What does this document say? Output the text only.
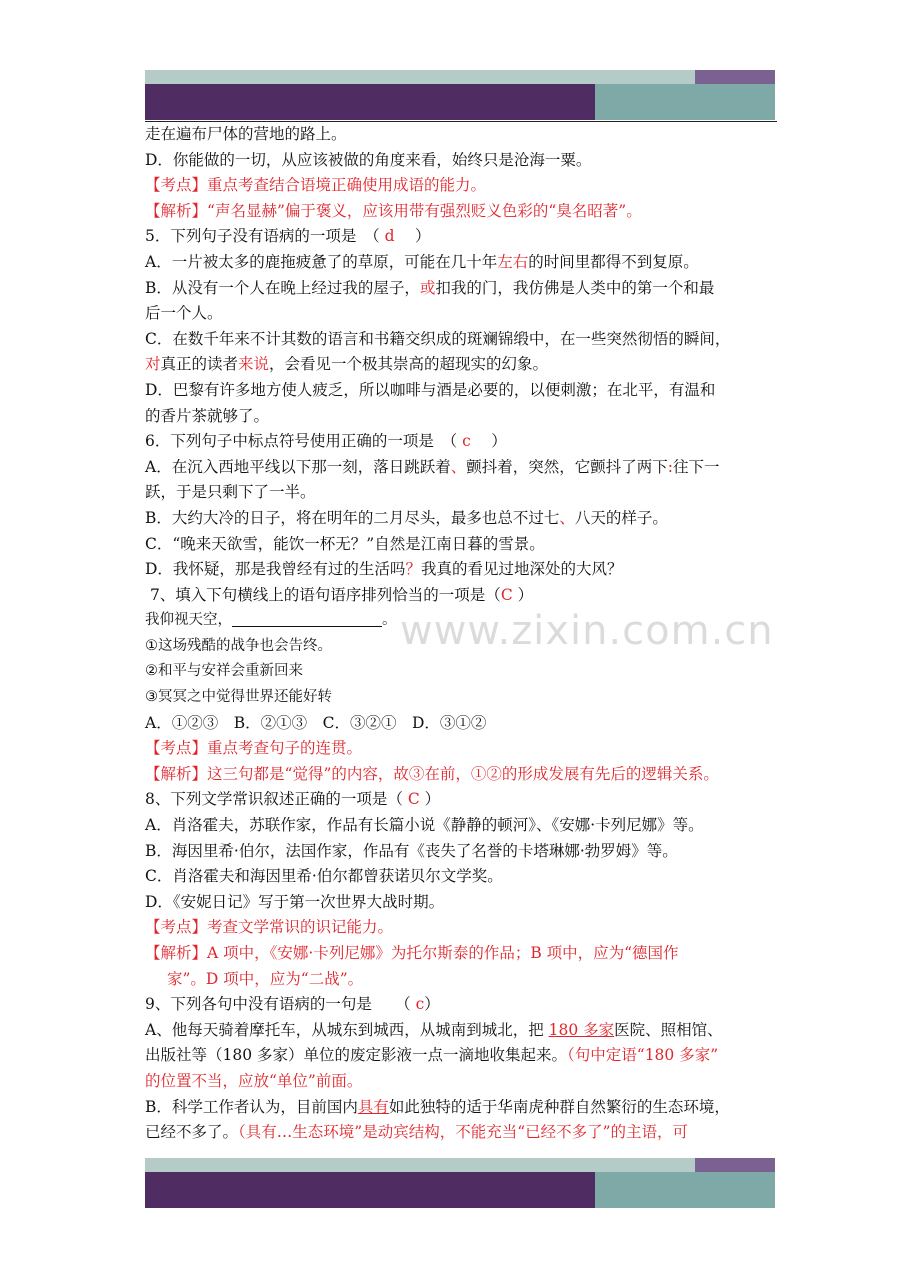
走在遍布尸体的营地的路上。
D．你能做的一切，从应该被做的角度来看，始终只是沧海一粟。
【考点】重点考查结合语境正确使用成语的能力。
【解析】“声名显赫”偏于褒义，应该用带有强烈贬义色彩的“臭名昭著”。
5．下列句子没有语病的一项是　（ d　 ）
A．一片被太多的鹿拖疲惫了的草原，可能在几十年左右的时间里都得不到复原。
B．从没有一个人在晚上经过我的屋子，或扣我的门，我仿佛是人类中的第一个和最
后一个人。
C．在数千年来不计其数的语言和书籍交织成的斑斓锦缎中，在一些突然彻悟的瞬间，
对真正的读者来说，会看见一个极其崇高的超现实的幻象。
D．巴黎有许多地方使人疲乏，所以咖啡与酒是必要的，以便刺激；在北平，有温和
的香片茶就够了。
6．下列句子中标点符号使用正确的一项是　（ c　 ）
A．在沉入西地平线以下那一刻，落日跳跃着、颤抖着，突然，它颤抖了两下:往下一
跃，于是只剩下了一半。
B．大约大冷的日子，将在明年的二月尽头，最多也总不过七、八天的样子。
C．“晚来天欲雪，能饮一杯无？”自然是江南日暮的雪景。
D．我怀疑，那是我曾经有过的生活吗？我真的看见过地深处的大风？
7、填入下句横线上的语句语序排列恰当的一项是（C ）
我仰视天空，	。
①这场残酷的战争也会告终。
②和平与安祥会重新回来
③冥冥之中觉得世界还能好转
A．①②③　B．②①③　C．③②①　D．③①②
【考点】重点考查句子的连贯。
【解析】这三句都是“觉得”的内容，故③在前，①②的形成发展有先后的逻辑关系。
8、下列文学常识叙述正确的一项是（ C ）
A．肖洛霍夫，苏联作家，作品有长篇小说《静静的顿河》、《安娜·卡列尼娜》等。
B．海因里希·伯尔，法国作家，作品有《丧失了名誉的卡塔琳娜·勃罗姆》等。
C．肖洛霍夫和海因里希·伯尔都曾获诺贝尔文学奖。
D．《安妮日记》写于第一次世界大战时期。
【考点】考查文学常识的识记能力。
【解析】A 项中，《安娜·卡列尼娜》为托尔斯泰的作品；B 项中，应为“德国作
家”。D 项中，应为“二战”。
9、下列各句中没有语病的一句是　　（ c）
A、他每天骑着摩托车，从城东到城西，从城南到城北，把 180 多家医院、照相馆、
出版社等（180 多家）单位的废定影液一点一滴地收集起来。（句中定语“180 多家”
的位置不当，应放“单位”前面。
B．科学工作者认为，目前国内具有如此独特的适于华南虎种群自然繁衍的生态环境，
已经不多了。（具有…生态环境”是动宾结构，不能充当“已经不多了”的主语，可
www.zixin.com.cn
